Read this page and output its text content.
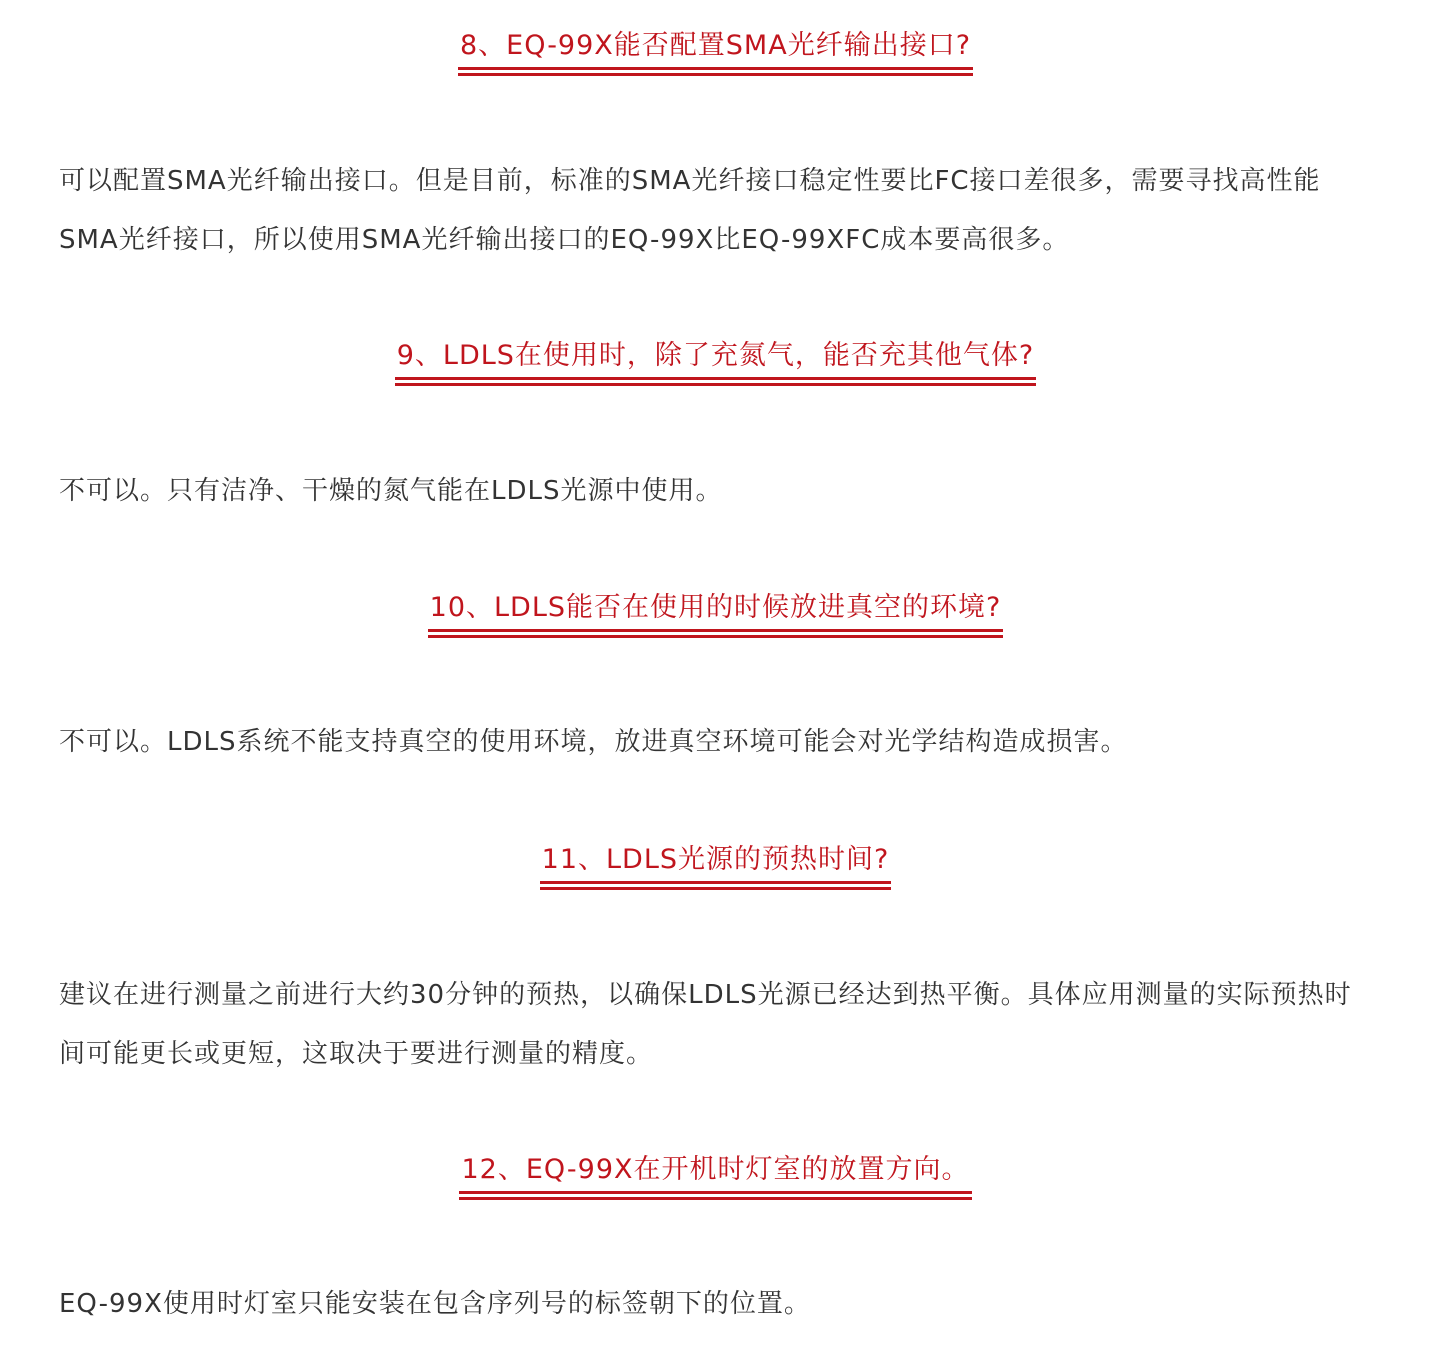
8、EQ-99X能否配置SMA光纤输出接口?

可以配置SMA光纤输出接口。但是目前，标准的SMA光纤接口稳定性要比FC接口差很多，需要寻找高性能SMA光纤接口，所以使用SMA光纤输出接口的EQ-99X比EQ-99XFC成本要高很多。

9、LDLS在使用时，除了充氮气，能否充其他气体?

不可以。只有洁净、干燥的氮气能在LDLS光源中使用。

10、LDLS能否在使用的时候放进真空的环境?

不可以。LDLS系统不能支持真空的使用环境，放进真空环境可能会对光学结构造成损害。

11、LDLS光源的预热时间?

建议在进行测量之前进行大约30分钟的预热，以确保LDLS光源已经达到热平衡。具体应用测量的实际预热时间可能更长或更短，这取决于要进行测量的精度。

12、EQ-99X在开机时灯室的放置方向。

EQ-99X使用时灯室只能安装在包含序列号的标签朝下的位置。
